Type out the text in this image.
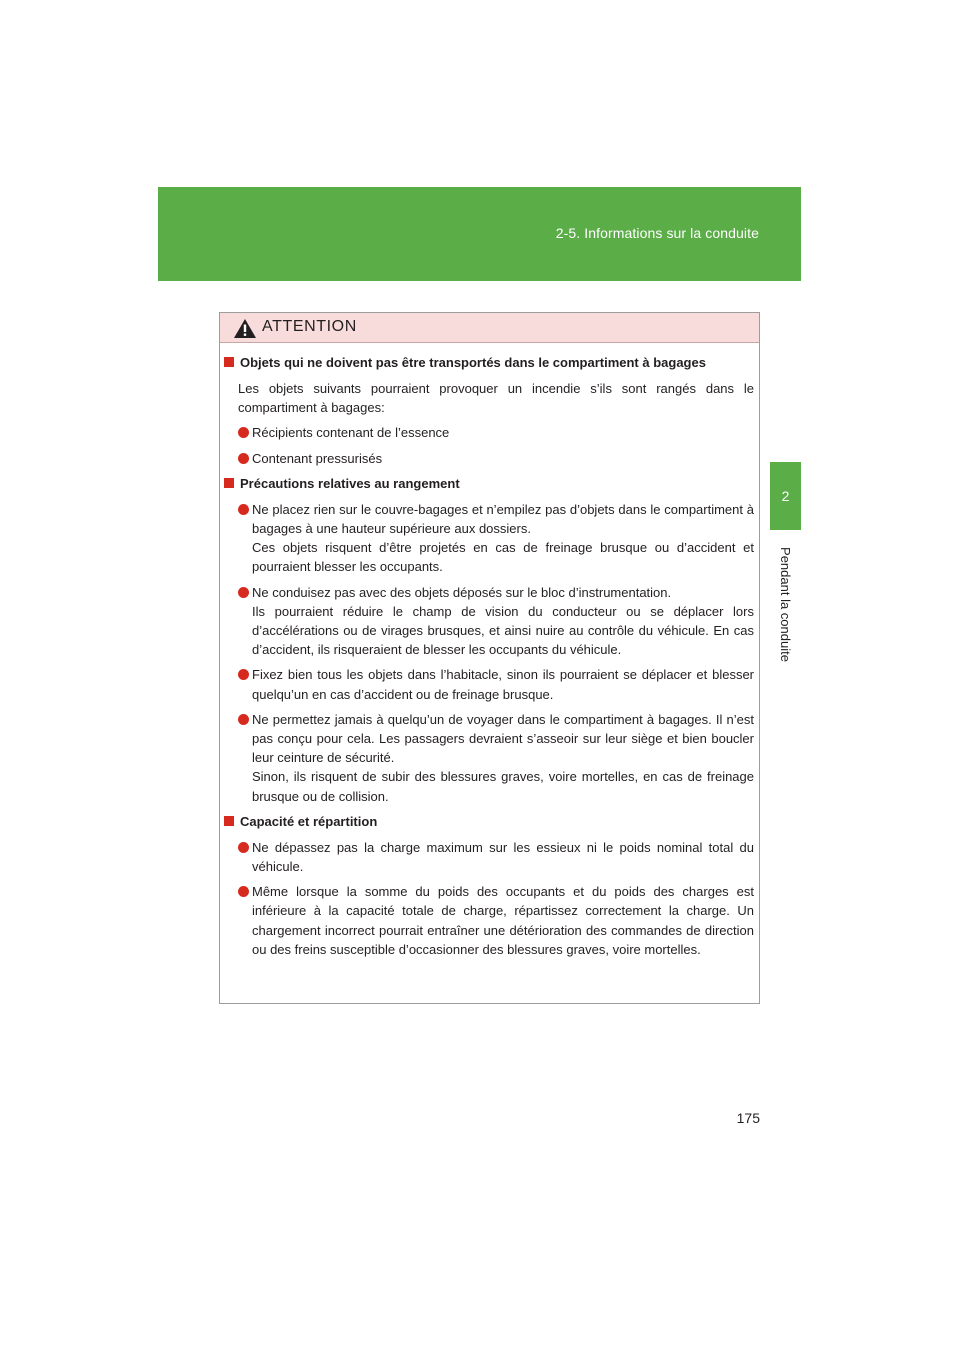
2-5. Informations sur la conduite
2
Pendant la conduite
ATTENTION
Objets qui ne doivent pas être transportés dans le compartiment à bagages

Les objets suivants pourraient provoquer un incendie s’ils sont rangés dans le compartiment à bagages:

Récipients contenant de l’essence

Contenant pressurisés

Précautions relatives au rangement

Ne placez rien sur le couvre-bagages et n’empilez pas d’objets dans le compartiment à bagages à une hauteur supérieure aux dossiers.

Ces objets risquent d’être projetés en cas de freinage brusque ou d’accident et pourraient blesser les occupants.

Ne conduisez pas avec des objets déposés sur le bloc d’instrumentation.

Ils pourraient réduire le champ de vision du conducteur ou se déplacer lors d’accélérations ou de virages brusques, et ainsi nuire au contrôle du véhicule. En cas d’accident, ils risqueraient de blesser les occupants du véhicule.

Fixez bien tous les objets dans l’habitacle, sinon ils pourraient se déplacer et blesser quelqu’un en cas d’accident ou de freinage brusque.

Ne permettez jamais à quelqu’un de voyager dans le compartiment à bagages. Il n’est pas conçu pour cela. Les passagers devraient s’asseoir sur leur siège et bien boucler leur ceinture de sécurité.

Sinon, ils risquent de subir des blessures graves, voire mortelles, en cas de freinage brusque ou de collision.

Capacité et répartition

Ne dépassez pas la charge maximum sur les essieux ni le poids nominal total du véhicule.

Même lorsque la somme du poids des occupants et du poids des charges est inférieure à la capacité totale de charge, répartissez correctement la charge. Un chargement incorrect pourrait entraîner une détérioration des commandes de direction ou des freins susceptible d’occasionner des blessures graves, voire mortelles.

175
